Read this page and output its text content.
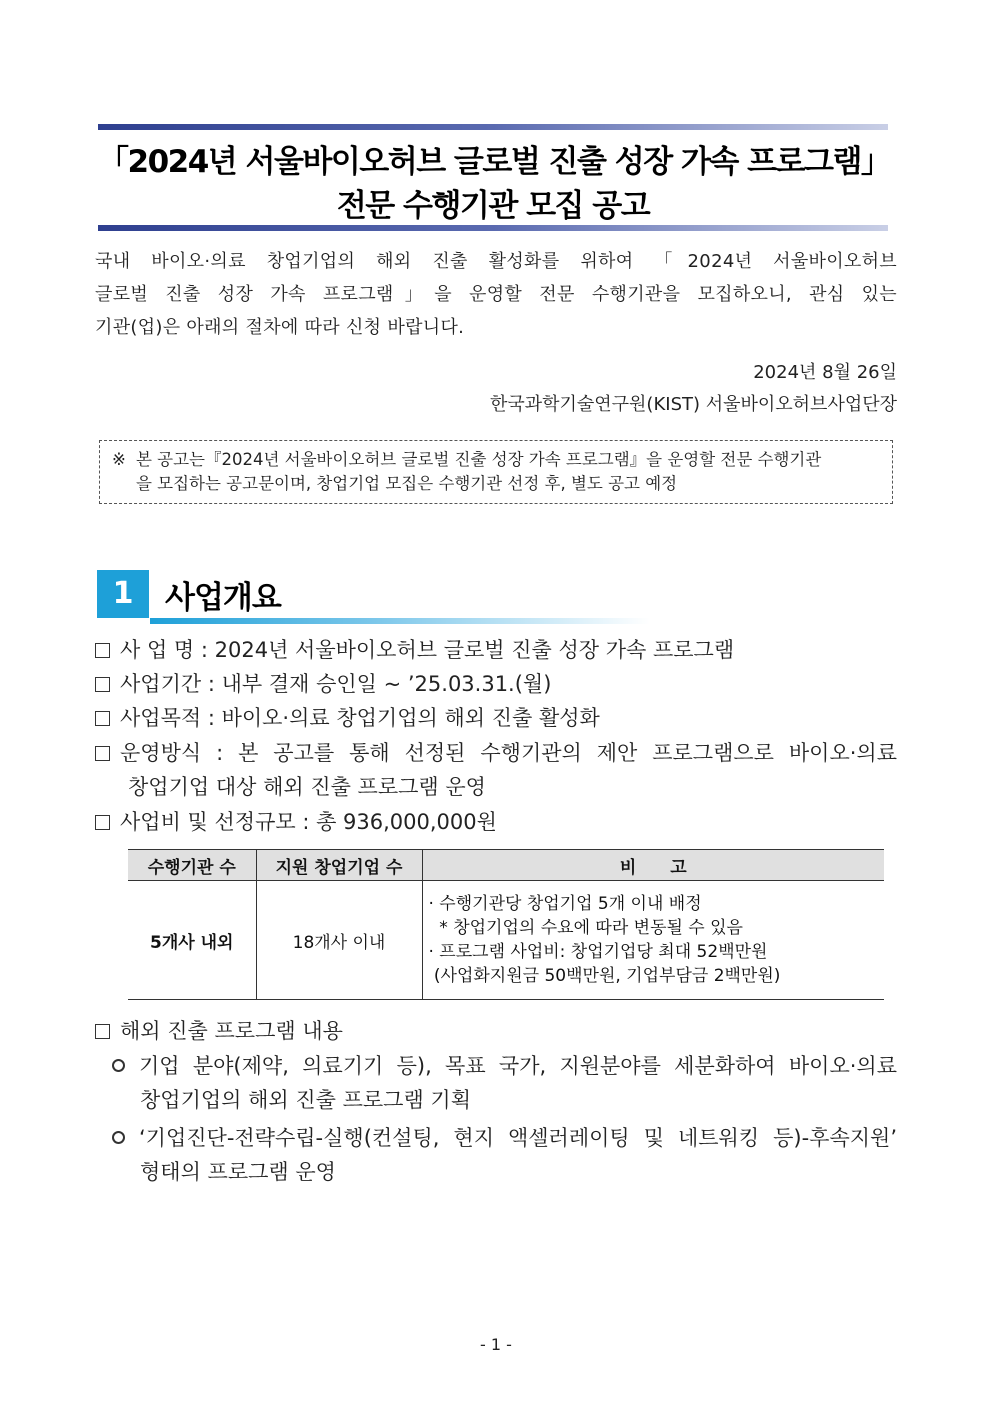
「2024년 서울바이오허브 글로벌 진출 성장 가속 프로그램」
전문 수행기관 모집 공고
국내 바이오·의료 창업기업의 해외 진출 활성화를 위하여 「2024년 서울바이오허브
글로벌 진출 성장 가속 프로그램」을 운영할 전문 수행기관을 모집하오니, 관심 있는
기관(업)은 아래의 절차에 따라 신청 바랍니다.
2024년 8월 26일
한국과학기술연구원(KIST) 서울바이오허브사업단장
※ 본 공고는『2024년 서울바이오허브 글로벌 진출 성장 가속 프로그램』을 운영할 전문 수행기관
을 모집하는 공고문이며, 창업기업 모집은 수행기관 선정 후, 별도 공고 예정
1	사업개요
사 업 명 : 2024년 서울바이오허브 글로벌 진출 성장 가속 프로그램
사업기간 : 내부 결재 승인일 ~ ’25.03.31.(월)
사업목적 : 바이오·의료 창업기업의 해외 진출 활성화
운영방식 : 본 공고를 통해 선정된 수행기관의 제안 프로그램으로 바이오·의료
창업기업 대상 해외 진출 프로그램 운영
사업비 및 선정규모 : 총 936,000,000원
수행기관 수	지원 창업기업 수	비　　고
5개사 내외	18개사 이내	· 수행기관당 창업기업 5개 이내 배정
* 창업기업의 수요에 따라 변동될 수 있음
· 프로그램 사업비: 창업기업당 최대 52백만원
(사업화지원금 50백만원, 기업부담금 2백만원)
해외 진출 프로그램 내용
기업 분야(제약, 의료기기 등), 목표 국가, 지원분야를 세분화하여 바이오·의료
창업기업의 해외 진출 프로그램 기획
‘기업진단-전략수립-실행(컨설팅, 현지 액셀러레이팅 및 네트워킹 등)-후속지원’
형태의 프로그램 운영
- 1 -
